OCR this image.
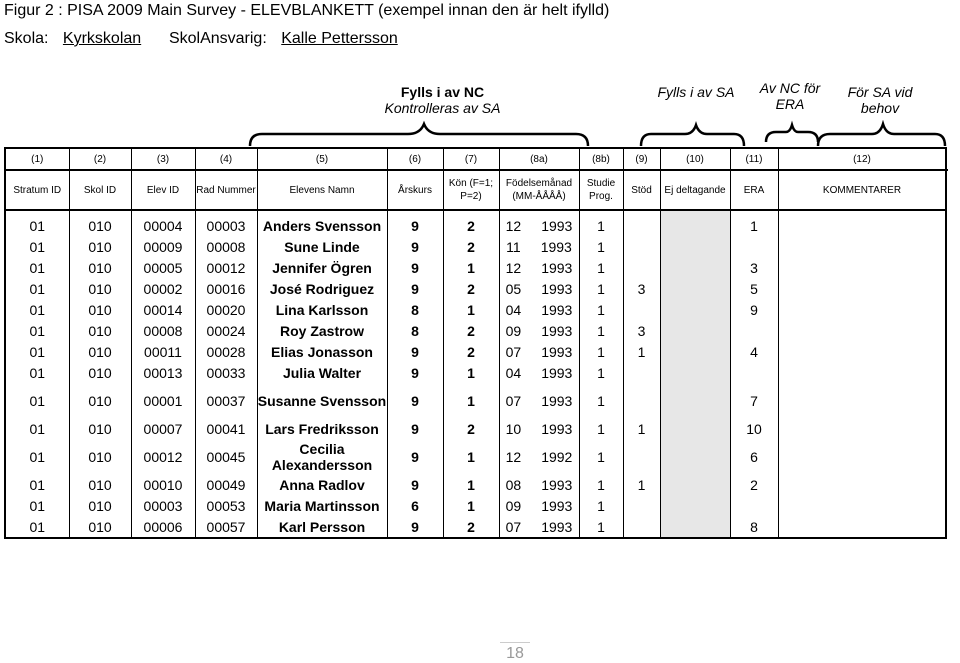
Figur 2 : PISA 2009 Main Survey - ELEVBLANKETT (exempel innan den är helt ifylld)
Skola: Kyrkskolan SkolAnsvarig: Kalle Pettersson
Fylls i av NC
Kontrolleras av SA
Fylls i av SA	Av NC för ERA
För SA vid behov
(1)	(2)	(3)	(4)	(5)	(6)	(7)	(8a)	(8b)	(9)	(10)	(11)	(12)	
Stratum ID	Skol ID	Elev ID	Rad Nummer	Elevens Namn	Årskurs	Kön (F=1; P=2)	Födelsemånad (MM-ÅÅÅÅ)	Studie Prog.	Stöd	Ej deltagande	ERA	KOMMENTARER	
01	010	00004	00003	Anders Svensson	9	2	12 1993	1			1		
01	010	00009	00008	Sune Linde	9	2	11 1993	1					
01	010	00005	00012	Jennifer Ögren	9	1	12 1993	1			3		
01	010	00002	00016	José Rodriguez	9	2	05 1993	1	3		5		
01	010	00014	00020	Lina Karlsson	8	1	04 1993	1			9		
01	010	00008	00024	Roy Zastrow	8	2	09 1993	1	3				
01	010	00011	00028	Elias Jonasson	9	2	07 1993	1	1		4		
01	010	00013	00033	Julia Walter	9	1	04 1993	1					
01	010	00001	00037	Susanne Svensson	9	1	07 1993	1			7		
01	010	00007	00041	Lars Fredriksson	9	2	10 1993	1	1		10		
01	010	00012	00045	Cecilia Alexandersson	9	1	12 1992	1			6		
01	010	00010	00049	Anna Radlov	9	1	08 1993	1	1		2		
01	010	00003	00053	Maria Martinsson	6	1	09 1993	1					
01	010	00006	00057	Karl Persson	9	2	07 1993	1			8		
18
